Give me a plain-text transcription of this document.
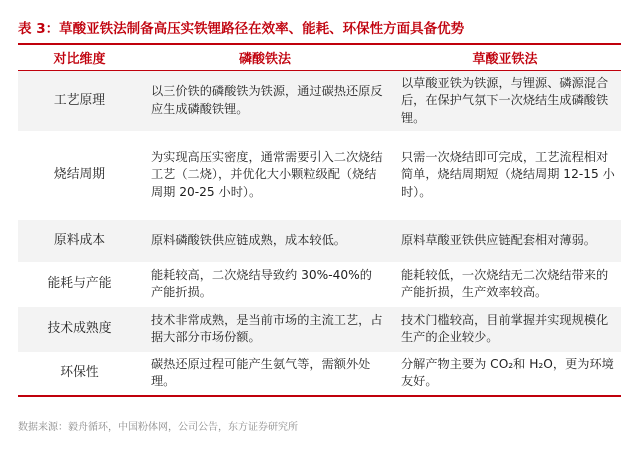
表 3：草酸亚铁法制备高压实铁锂路径在效率、能耗、环保性方面具备优势
对比维度	磷酸铁法	草酸亚铁法
工艺原理	以三价铁的磷酸铁为铁源，通过碳热还原反应生成磷酸铁锂。	以草酸亚铁为铁源，与锂源、磷源混合后，在保护气氛下一次烧结生成磷酸铁锂。
烧结周期	为实现高压实密度，通常需要引入二次烧结工艺（二烧），并优化大小颗粒级配（烧结周期 20-25 小时）。	只需一次烧结即可完成，工艺流程相对简单，烧结周期短（烧结周期 12-15 小时）。
原料成本	原料磷酸铁供应链成熟，成本较低。	原料草酸亚铁供应链配套相对薄弱。
能耗与产能	能耗较高，二次烧结导致约 30%-40%的产能折损。	能耗较低，一次烧结无二次烧结带来的产能折损，生产效率较高。
技术成熟度	技术非常成熟，是当前市场的主流工艺，占据大部分市场份额。	技术门槛较高，目前掌握并实现规模化生产的企业较少。
环保性	碳热还原过程可能产生氨气等，需额外处理。	分解产物主要为 CO₂和 H₂O，更为环境友好。
数据来源：毅舟循环，中国粉体网，公司公告，东方证券研究所
